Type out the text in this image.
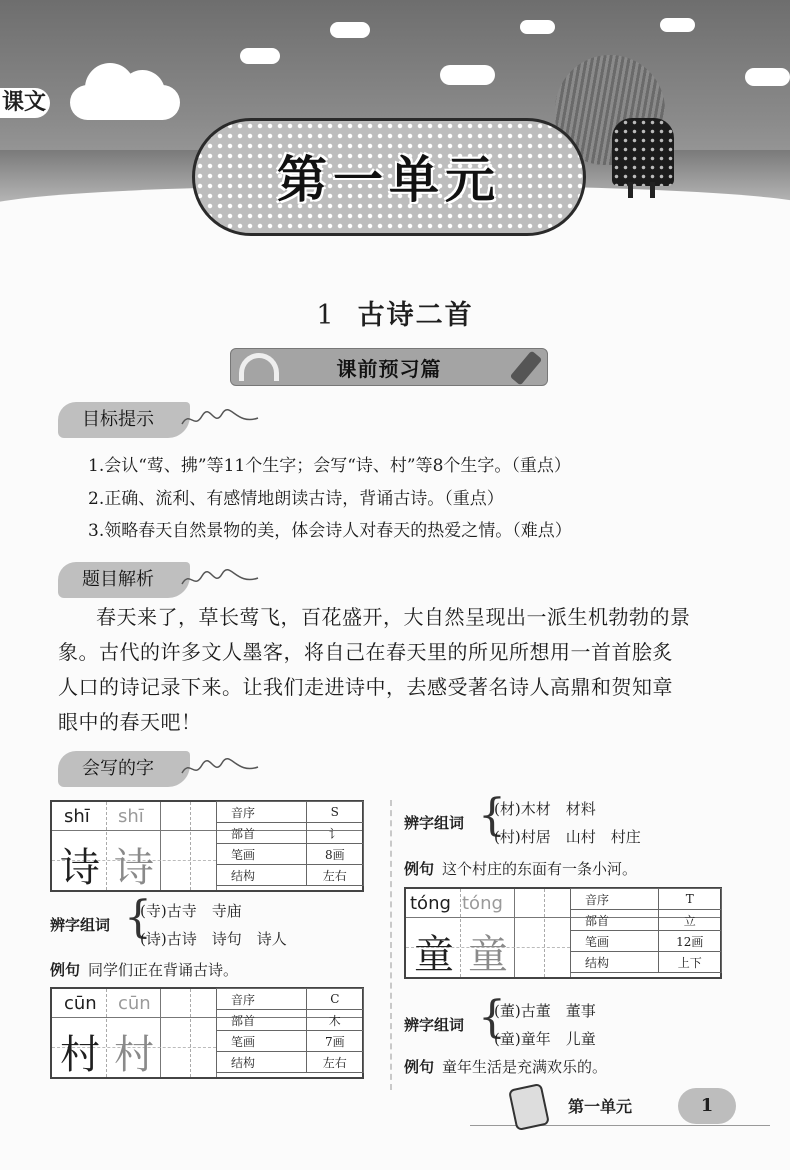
课文
第一单元
1 古诗二首
课前预习篇
目标提示
1.会认“莺、拂”等11个生字；会写“诗、村”等8个生字。（重点）
2.正确、流利、有感情地朗读古诗，背诵古诗。（重点）
3.领略春天自然景物的美，体会诗人对春天的热爱之情。（难点）
题目解析
春天来了，草长莺飞，百花盛开，大自然呈现出一派生机勃勃的景
象。古代的许多文人墨客，将自己在春天里的所见所想用一首首脍炙
人口的诗记录下来。让我们走进诗中，去感受著名诗人高鼎和贺知章
眼中的春天吧！
会写的字
shī shī
诗 诗
音序	S
部首	讠
笔画	8画
结构	左右
辨字组词 {
(寺)古寺　寺庙
(诗)古诗　诗句　诗人
例句 同学们正在背诵古诗。
cūn cūn
村 村
音序	C
部首	木
笔画	7画
结构	左右
辨字组词 {
(材)木材　材料
(村)村居　山村　村庄
例句 这个村庄的东面有一条小河。
tóng tóng
童 童
音序	T
部首	立
笔画	12画
结构	上下
辨字组词 {
(董)古董　董事
(童)童年　儿童
例句 童年生活是充满欢乐的。
第一单元	1
